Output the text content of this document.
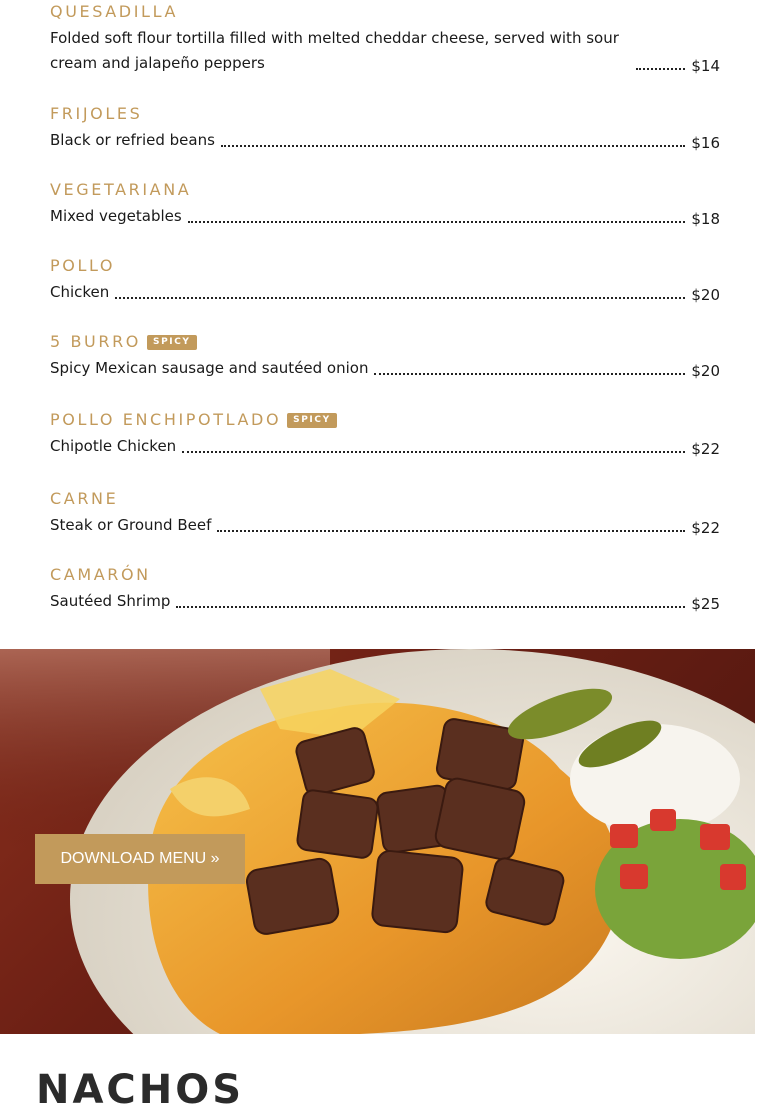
QUESADILLA
Folded soft flour tortilla filled with melted cheddar cheese, served with sour cream and jalapeño peppers	$14
FRIJOLES
Black or refried beans	$16
VEGETARIANA
Mixed vegetables	$18
POLLO
Chicken	$20
5 BURRO	SPICY
Spicy Mexican sausage and sautéed onion	$20
POLLO ENCHIPOTLADO	SPICY
Chipotle Chicken	$22
CARNE
Steak or Ground Beef	$22
CAMARÓN
Sautéed Shrimp	$25
DOWNLOAD MENU »
NACHOS
